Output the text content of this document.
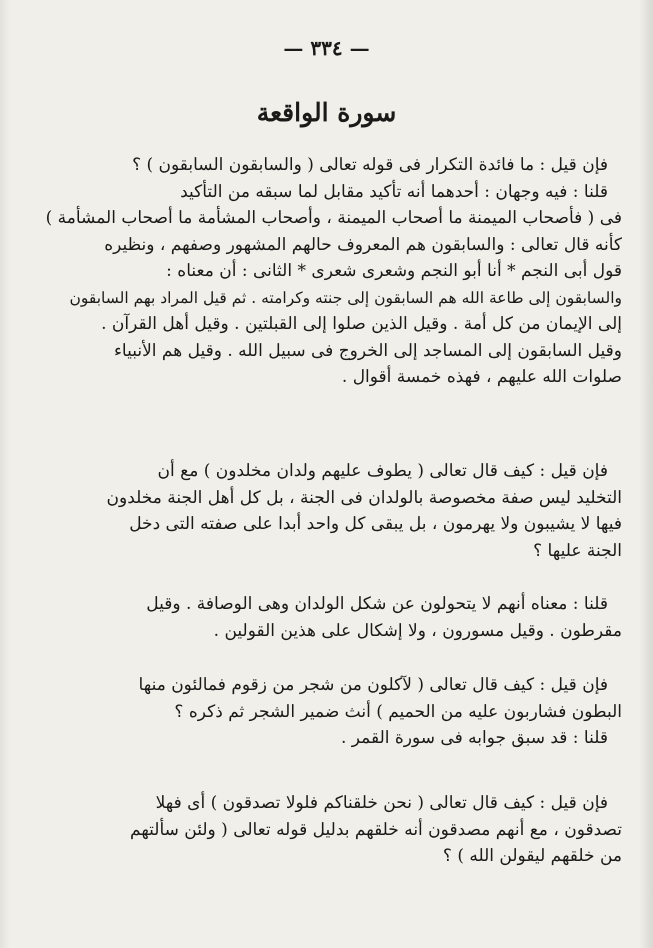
— ٣٣٤ —
سورة الواقعة
فإن قيل : ما فائدة التكرار فى قوله تعالى ( والسابقون السابقون ) ؟
قلنا : فيه وجهان : أحدهما أنه تأكيد مقابل لما سبقه من التأكيد
فى ( فأصحاب الميمنة ما أصحاب الميمنة ، وأصحاب المشأمة ما أصحاب المشأمة )
كأنه قال تعالى : والسابقون هم المعروف حالهم المشهور وصفهم ، ونظيره
قول أبى النجم * أنا أبو النجم وشعرى شعرى * الثانى : أن معناه :
والسابقون إلى طاعة الله هم السابقون إلى جنته وكرامته . ثم قيل المراد بهم السابقون
إلى الإيمان من كل أمة . وقيل الذين صلوا إلى القبلتين . وقيل أهل القرآن .
وقيل السابقون إلى المساجد إلى الخروج فى سبيل الله . وقيل هم الأنبياء
صلوات الله عليهم ، فهذه خمسة أقوال .
فإن قيل : كيف قال تعالى ( يطوف عليهم ولدان مخلدون ) مع أن
التخليد ليس صفة مخصوصة بالولدان فى الجنة ، بل كل أهل الجنة مخلدون
فيها لا يشيبون ولا يهرمون ، بل يبقى كل واحد أبدا على صفته التى دخل
الجنة عليها ؟
قلنا : معناه أنهم لا يتحولون عن شكل الولدان وهى الوصافة . وقيل
مقرطون . وقيل مسورون ، ولا إشكال على هذين القولين .
فإن قيل : كيف قال تعالى ( لآكلون من شجر من زقوم فمالئون منها
البطون فشاربون عليه من الحميم ) أنث ضمير الشجر ثم ذكره ؟
قلنا : قد سبق جوابه فى سورة القمر .
فإن قيل : كيف قال تعالى ( نحن خلقناكم فلولا تصدقون ) أى فهلا
تصدقون ، مع أنهم مصدقون أنه خلقهم بدليل قوله تعالى ( ولئن سألتهم
من خلقهم ليقولن الله ) ؟
